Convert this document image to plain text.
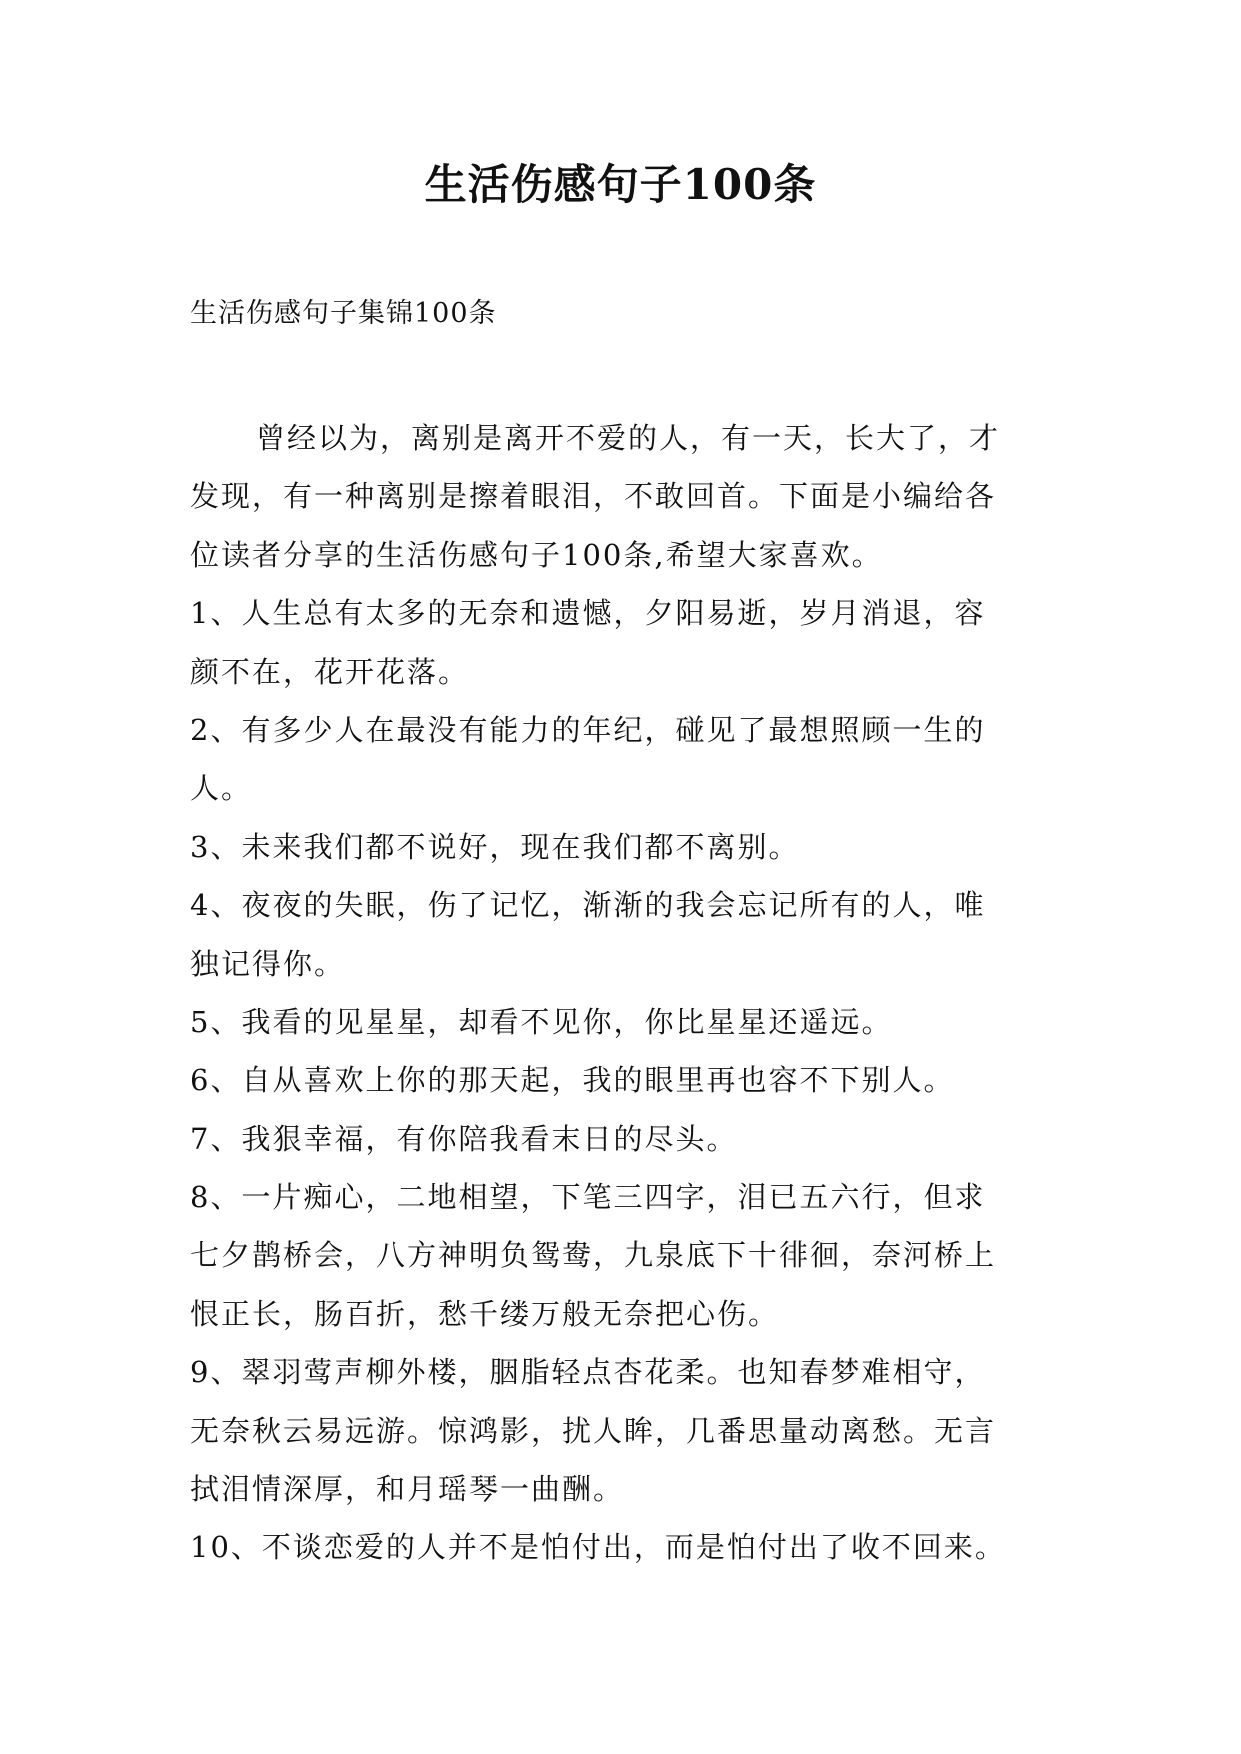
生活伤感句子100条
生活伤感句子集锦100条
曾经以为，离别是离开不爱的人，有一天，长大了，才
发现，有一种离别是擦着眼泪，不敢回首。下面是小编给各
位读者分享的生活伤感句子100条,希望大家喜欢。
1、人生总有太多的无奈和遗憾，夕阳易逝，岁月消退，容
颜不在，花开花落。
2、有多少人在最没有能力的年纪，碰见了最想照顾一生的
人。
3、未来我们都不说好，现在我们都不离别。
4、夜夜的失眠，伤了记忆，渐渐的我会忘记所有的人，唯
独记得你。
5、我看的见星星，却看不见你，你比星星还遥远。
6、自从喜欢上你的那天起，我的眼里再也容不下别人。
7、我狠幸福，有你陪我看末日的尽头。
8、一片痴心，二地相望，下笔三四字，泪已五六行，但求
七夕鹊桥会，八方神明负鸳鸯，九泉底下十徘徊，奈河桥上
恨正长，肠百折，愁千缕万般无奈把心伤。
9、翠羽莺声柳外楼，胭脂轻点杏花柔。也知春梦难相守，
无奈秋云易远游。惊鸿影，扰人眸，几番思量动离愁。无言
拭泪情深厚，和月瑶琴一曲酬。
10、不谈恋爱的人并不是怕付出，而是怕付出了收不回来。
